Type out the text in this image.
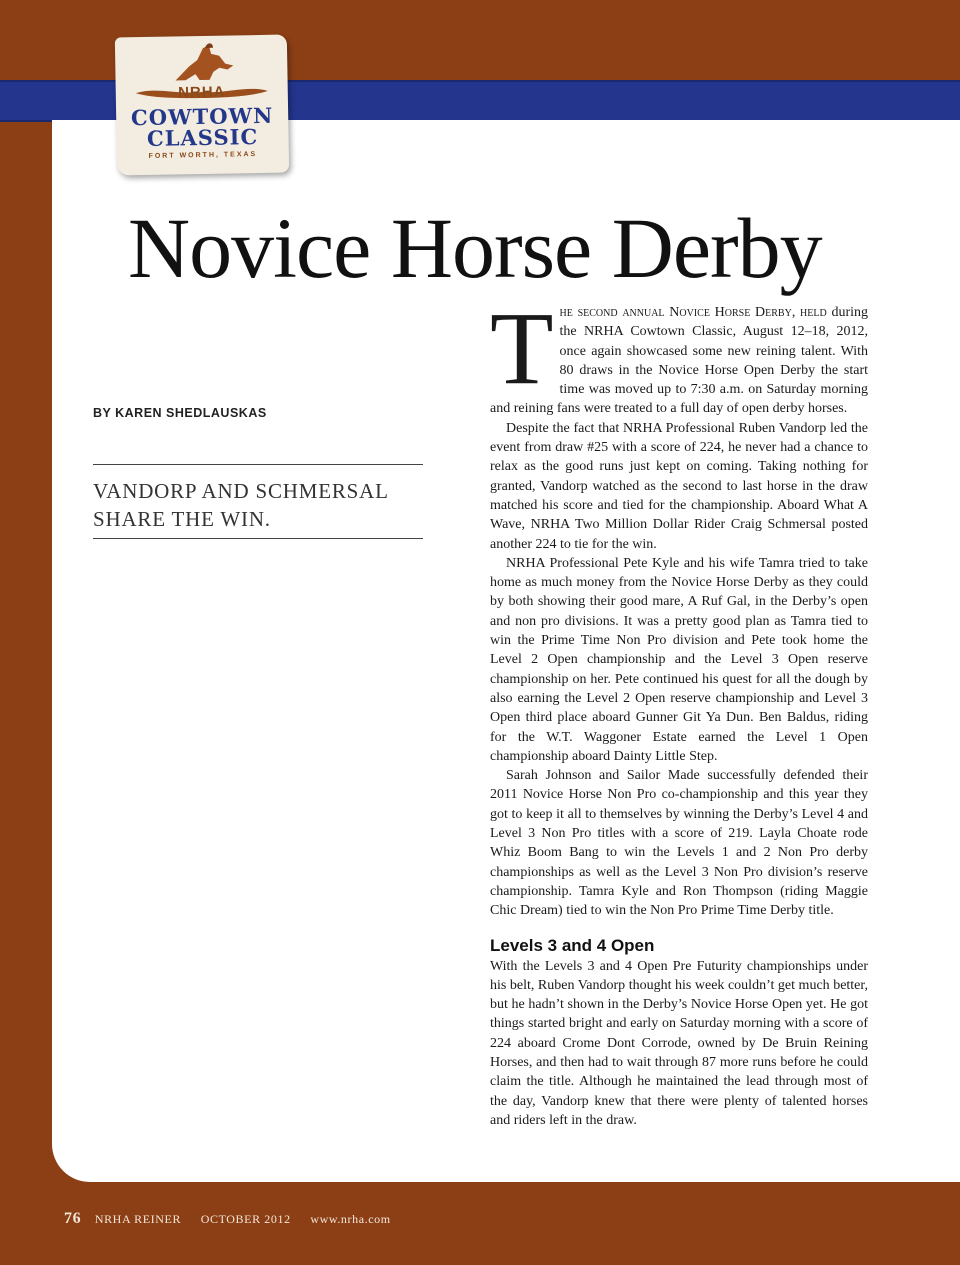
NRHA
COWTOWN
CLASSIC
FORT WORTH, TEXAS
Novice Horse Derby
BY KAREN SHEDLAUSKAS
VANDORP AND SCHMERSAL SHARE THE WIN.

The second annual Novice Horse Derby, held during the NRHA Cowtown Classic, August 12–18, 2012, once again showcased some new reining talent. With 80 draws in the Novice Horse Open Derby the start time was moved up to 7:30 a.m. on Saturday morning and reining fans were treated to a full day of open derby horses.

Despite the fact that NRHA Professional Ruben Vandorp led the event from draw #25 with a score of 224, he never had a chance to relax as the good runs just kept on coming. Taking nothing for granted, Vandorp watched as the second to last horse in the draw matched his score and tied for the championship. Aboard What A Wave, NRHA Two Million Dollar Rider Craig Schmersal posted another 224 to tie for the win.

NRHA Professional Pete Kyle and his wife Tamra tried to take home as much money from the Novice Horse Derby as they could by both showing their good mare, A Ruf Gal, in the Derby’s open and non pro divisions. It was a pretty good plan as Tamra tied to win the Prime Time Non Pro division and Pete took home the Level 2 Open championship and the Level 3 Open reserve championship on her. Pete continued his quest for all the dough by also earning the Level 2 Open reserve championship and Level 3 Open third place aboard Gunner Git Ya Dun. Ben Baldus, riding for the W.T. Waggoner Estate earned the Level 1 Open championship aboard Dainty Little Step.

Sarah Johnson and Sailor Made successfully defended their 2011 Novice Horse Non Pro co-championship and this year they got to keep it all to themselves by winning the Derby’s Level 4 and Level 3 Non Pro titles with a score of 219. Layla Choate rode Whiz Boom Bang to win the Levels 1 and 2 Non Pro derby championships as well as the Level 3 Non Pro division’s reserve championship. Tamra Kyle and Ron Thompson (riding Maggie Chic Dream) tied to win the Non Pro Prime Time Derby title.

Levels 3 and 4 Open

With the Levels 3 and 4 Open Pre Futurity championships under his belt, Ruben Vandorp thought his week couldn’t get much better, but he hadn’t shown in the Derby’s Novice Horse Open yet. He got things started bright and early on Saturday morning with a score of 224 aboard Crome Dont Corrode, owned by De Bruin Reining Horses, and then had to wait through 87 more runs before he could claim the title. Although he maintained the lead through most of the day, Vandorp knew that there were plenty of talented horses and riders left in the draw.

76 NRHA REINER OCTOBER 2012 www.nrha.com
